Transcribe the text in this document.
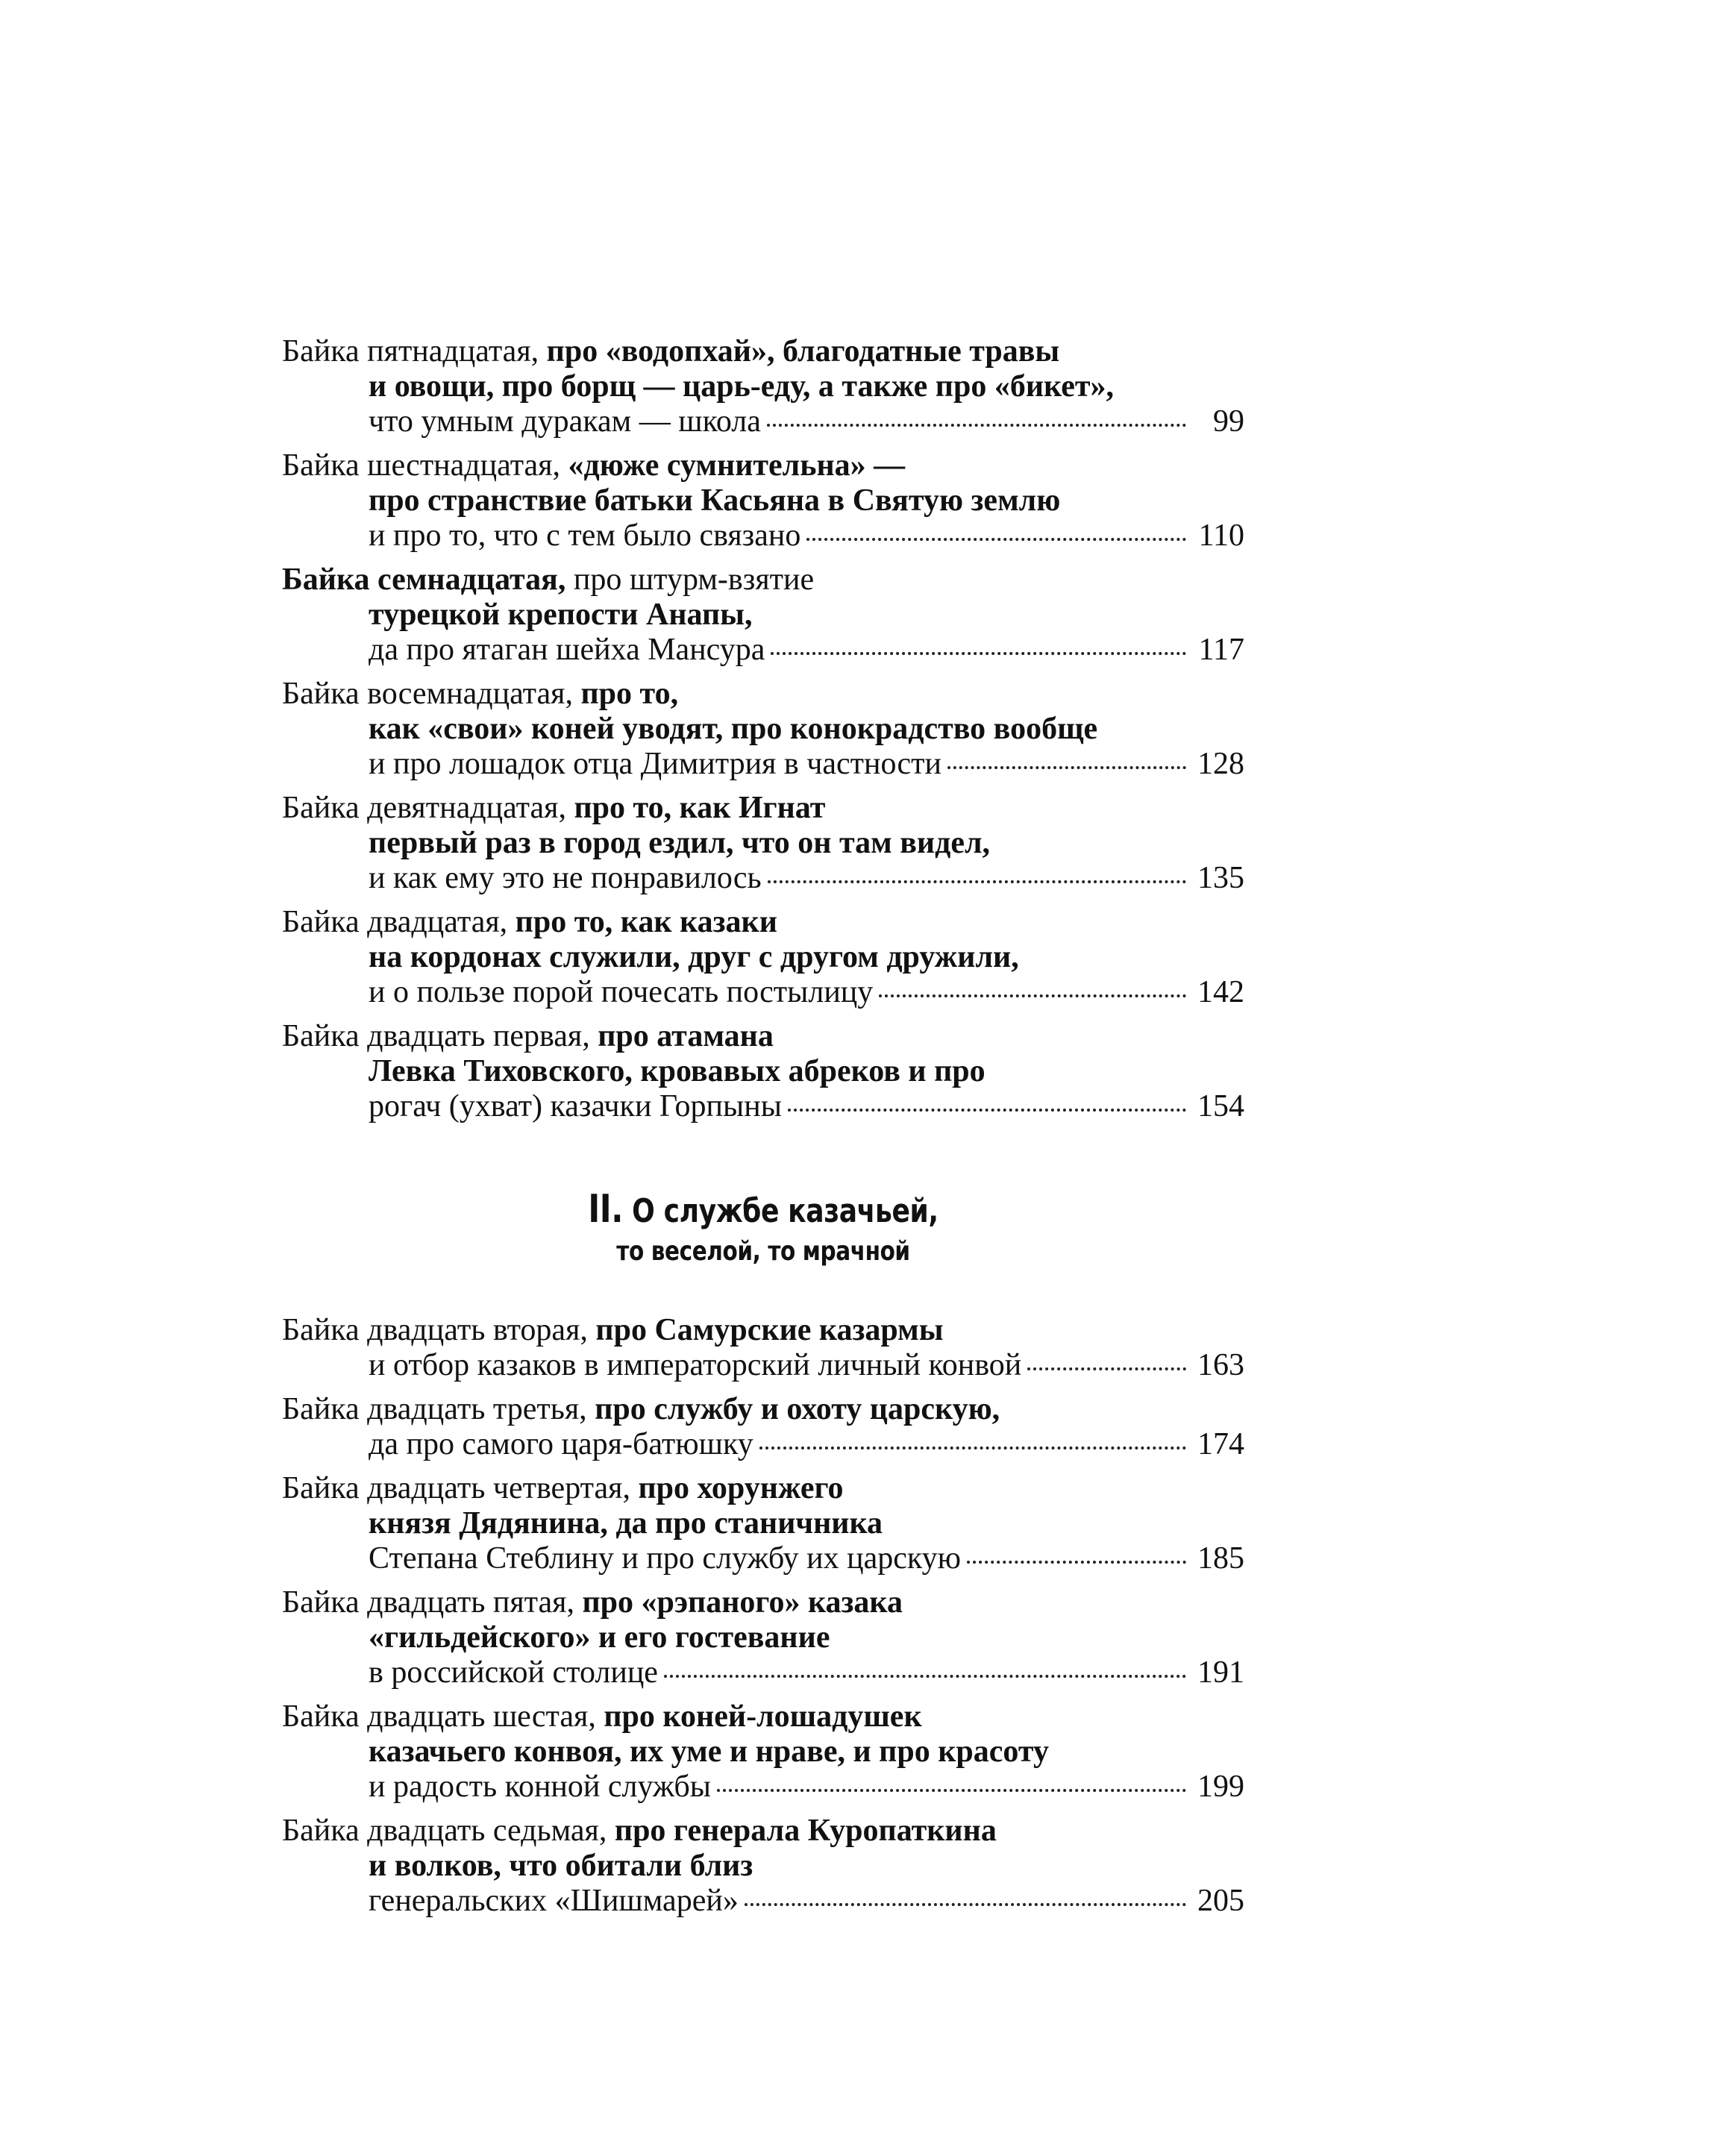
Байка пятнадцатая, про «водопхай», благодатные травы
и овощи, про борщ — царь-еду, а также про «бикет»,
что умным дуракам — школа	99
Байка шестнадцатая, «дюже сумнительна» —
про странствие батьки Касьяна в Святую землю
и про то, что с тем было связано	110
Байка семнадцатая, про штурм-взятие
турецкой крепости Анапы,
да про ятаган шейха Мансура	117
Байка восемнадцатая, про то,
как «свои» коней уводят, про конокрадство вообще
и про лошадок отца Димитрия в частности	128
Байка девятнадцатая, про то, как Игнат
первый раз в город ездил, что он там видел,
и как ему это не понравилось	135
Байка двадцатая, про то, как казаки
на кордонах служили, друг с другом дружили,
и о пользе порой почесать постылицу	142
Байка двадцать первая, про атамана
Левка Тиховского, кровавых абреков и про
рогач (ухват) казачки Горпыны	154
II. О службе казачьей,
то веселой, то мрачной
Байка двадцать вторая, про Самурские казармы
и отбор казаков в императорский личный конвой	163
Байка двадцать третья, про службу и охоту царскую,
да про самого царя-батюшку	174
Байка двадцать четвертая, про хорунжего
князя Дядянина, да про станичника
Степана Стеблину и про службу их царскую	185
Байка двадцать пятая, про «рэпаного» казака
«гильдейского» и его гостевание
в российской столице	191
Байка двадцать шестая, про коней-лошадушек
казачьего конвоя, их уме и нраве, и про красоту
и радость конной службы	199
Байка двадцать седьмая, про генерала Куропаткина
и волков, что обитали близ
генеральских «Шишмарей»	205
